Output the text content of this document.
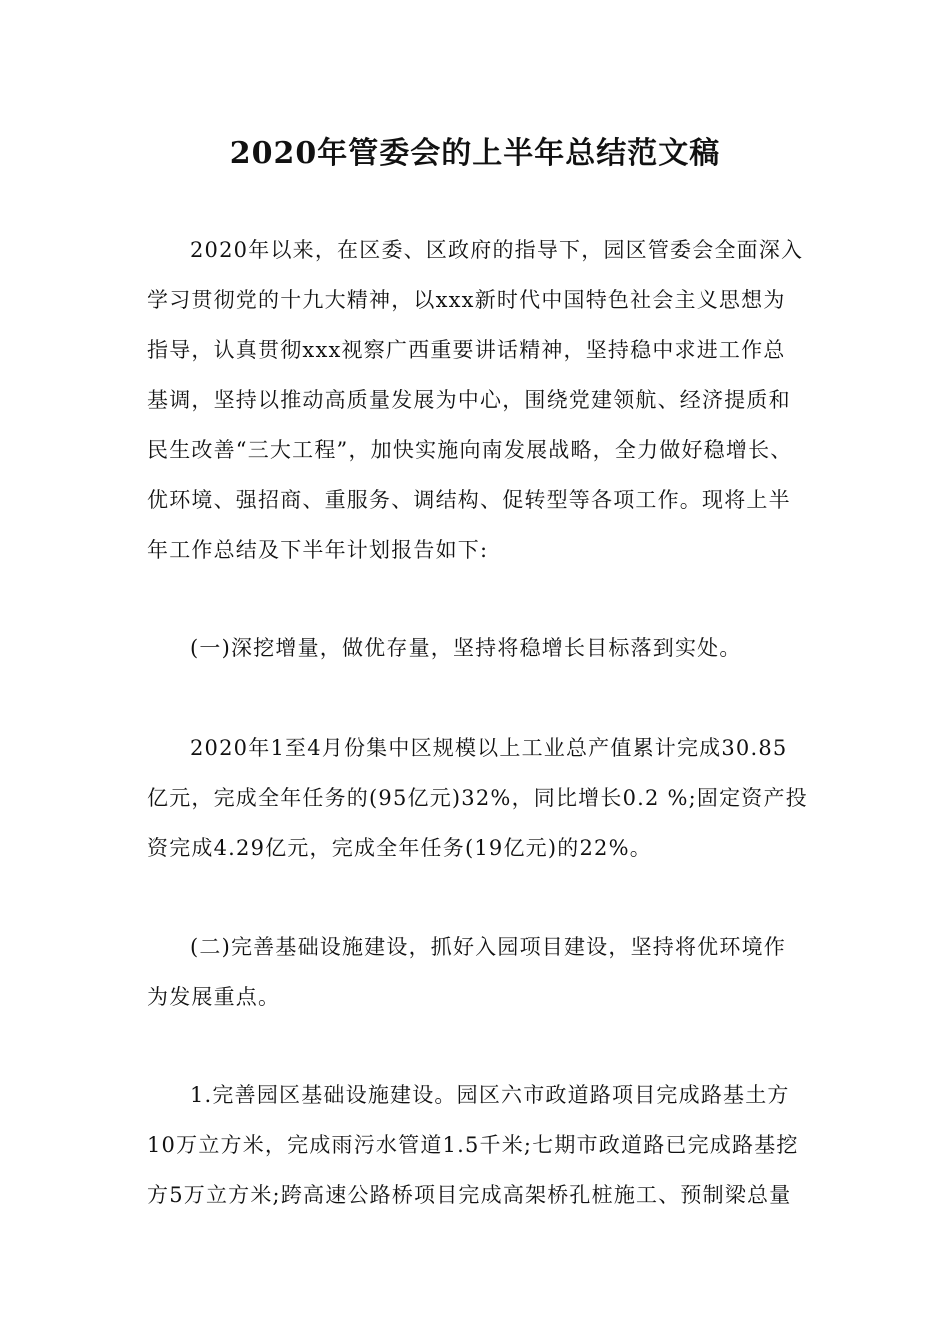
2020年管委会的上半年总结范文稿

2020年以来，在区委、区政府的指导下，园区管委会全面深入

学习贯彻党的十九大精神，以xxx新时代中国特色社会主义思想为

指导，认真贯彻xxx视察广西重要讲话精神，坚持稳中求进工作总

基调，坚持以推动高质量发展为中心，围绕党建领航、经济提质和

民生改善“三大工程”，加快实施向南发展战略，全力做好稳增长、

优环境、强招商、重服务、调结构、促转型等各项工作。现将上半

年工作总结及下半年计划报告如下:

(一)深挖增量，做优存量，坚持将稳增长目标落到实处。

2020年1至4月份集中区规模以上工业总产值累计完成30.85

亿元，完成全年任务的(95亿元)32%，同比增长0.2 %;固定资产投

资完成4.29亿元，完成全年任务(19亿元)的22%。

(二)完善基础设施建设，抓好入园项目建设，坚持将优环境作

为发展重点。

1.完善园区基础设施建设。园区六市政道路项目完成路基土方

10万立方米，完成雨污水管道1.5千米;七期市政道路已完成路基挖

方5万立方米;跨高速公路桥项目完成高架桥孔桩施工、预制梁总量
